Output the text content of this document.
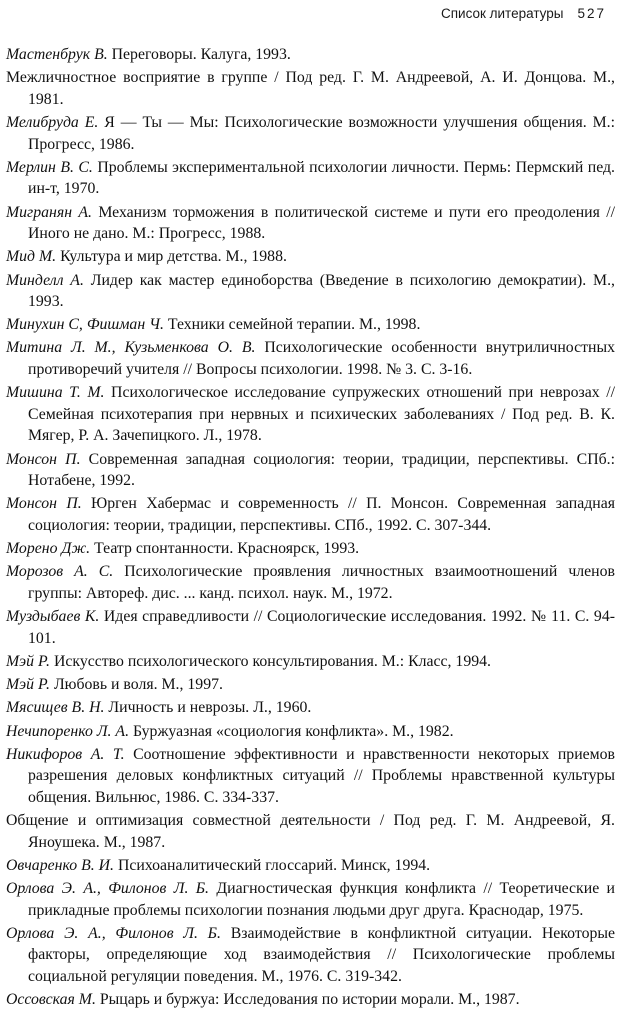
Список литературы 527
Мастенбрук В. Переговоры. Калуга, 1993.
Межличностное восприятие в группе / Под ред. Г. М. Андреевой, А. И. Донцова. М., 1981.
Мелибруда Е. Я — Ты — Мы: Психологические возможности улучшения общения. М.: Прогресс, 1986.
Мерлин В. С. Проблемы экспериментальной психологии личности. Пермь: Пермский пед. ин-т, 1970.
Мигранян А. Механизм торможения в политической системе и пути его преодоления // Иного не дано. М.: Прогресс, 1988.
Мид М. Культура и мир детства. М., 1988.
Минделл А. Лидер как мастер единоборства (Введение в психологию демократии). М., 1993.
Минухин С, Фишман Ч. Техники семейной терапии. М., 1998.
Митина Л. М., Кузьменкова О. В. Психологические особенности внутриличностных противоречий учителя // Вопросы психологии. 1998. № 3. С. 3-16.
Мишина Т. М. Психологическое исследование супружеских отношений при неврозах // Семейная психотерапия при нервных и психических заболеваниях / Под ред. В. К. Мягер, Р. А. Зачепицкого. Л., 1978.
Монсон П. Современная западная социология: теории, традиции, перспективы. СПб.: Нотабене, 1992.
Монсон П. Юрген Хабермас и современность // П. Монсон. Современная западная социология: теории, традиции, перспективы. СПб., 1992. С. 307-344.
Морено Дж. Театр спонтанности. Красноярск, 1993.
Морозов А. С. Психологические проявления личностных взаимоотношений членов группы: Автореф. дис. ... канд. психол. наук. М., 1972.
Муздыбаев К. Идея справедливости // Социологические исследования. 1992. № 11. С. 94-101.
Мэй Р. Искусство психологического консультирования. М.: Класс, 1994.
Мэй Р. Любовь и воля. М., 1997.
Мясищев В. Н. Личность и неврозы. Л., 1960.
Нечипоренко Л. А. Буржуазная «социология конфликта». М., 1982.
Никифоров А. Т. Соотношение эффективности и нравственности некоторых приемов разрешения деловых конфликтных ситуаций // Проблемы нравственной культуры общения. Вильнюс, 1986. С. 334-337.
Общение и оптимизация совместной деятельности / Под ред. Г. М. Андреевой, Я. Яноушека. М., 1987.
Овчаренко В. И. Психоаналитический глоссарий. Минск, 1994.
Орлова Э. А., Филонов Л. Б. Диагностическая функция конфликта // Теоретические и прикладные проблемы психологии познания людьми друг друга. Краснодар, 1975.
Орлова Э. А., Филонов Л. Б. Взаимодействие в конфликтной ситуации. Некоторые факторы, определяющие ход взаимодействия // Психологические проблемы социальной регуляции поведения. М., 1976. С. 319-342.
Оссовская М. Рыцарь и буржуа: Исследования по истории морали. М., 1987.
